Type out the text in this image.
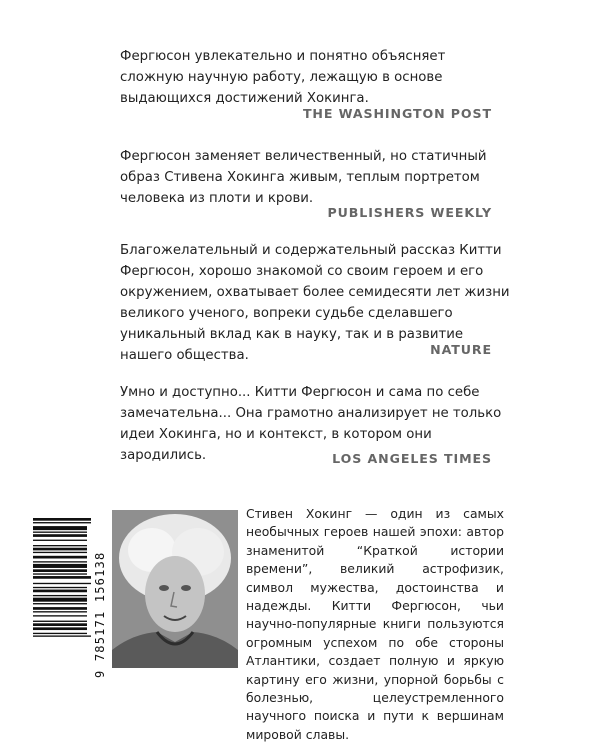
Фергюсон увлекательно и понятно объясняет сложную научную работу, лежащую в основе выдающихся достижений Хокинга.

THE WASHINGTON POST

Фергюсон заменяет величественный, но статичный образ Стивена Хокинга живым, теплым портретом человека из плоти и крови.

PUBLISHERS WEEKLY

Благожелательный и содержательный рассказ Китти Фергюсон, хорошо знакомой со своим героем и его окружением, охватывает более семидесяти лет жизни великого ученого, вопреки судьбе сделавшего уникальный вклад как в науку, так и в развитие нашего общества.	NATURE

Умно и доступно... Китти Фергюсон и сама по себе замечательна... Она грамотно анализирует не только идеи Хокинга, но и контекст, в котором они зародились.	LOS ANGELES TIMES
9 785171 156138
Стивен Хокинг — один из самых необычных героев нашей эпохи: автор знаменитой “Краткой истории времени”, великий астрофизик, символ мужества, достоинства и надежды. Китти Фергюсон, чьи научно-популярные книги пользуются огромным успехом по обе стороны Атлантики, создает полную и яркую картину его жизни, упорной борьбы с болезнью, целеустремленного научного поиска и пути к вершинам мировой славы.
